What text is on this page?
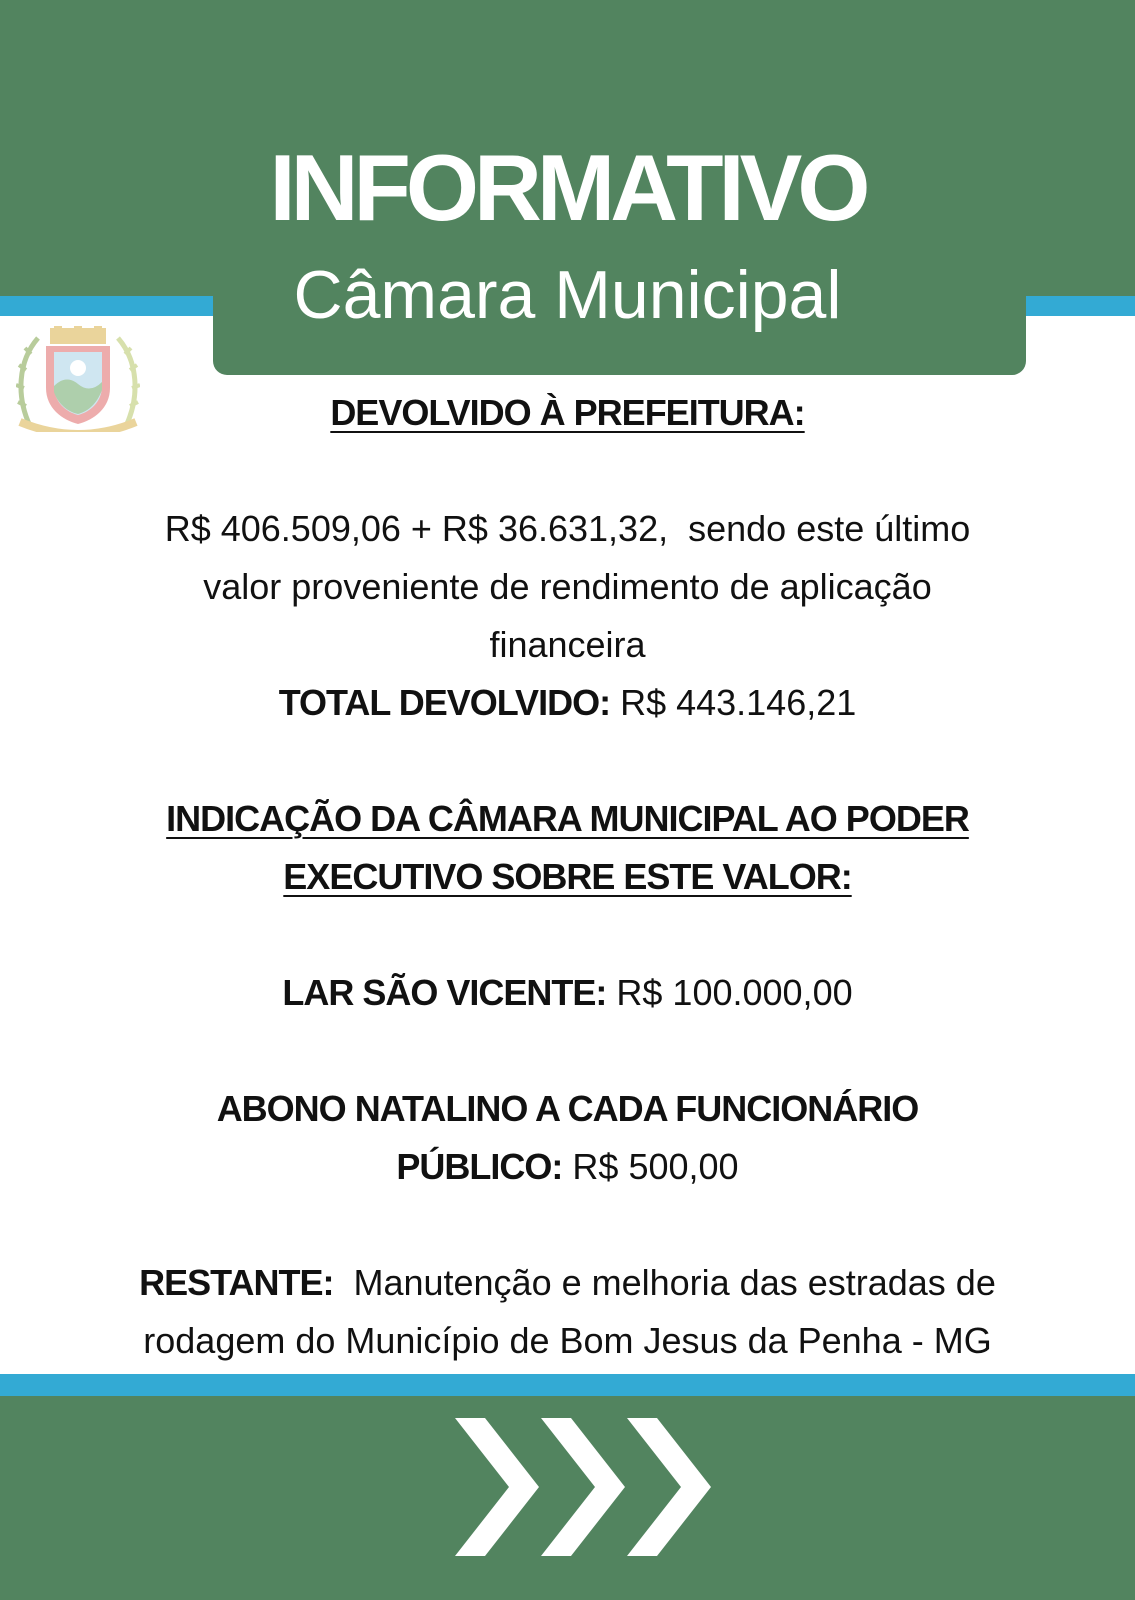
INFORMATIVO
Câmara Municipal

DEVOLVIDO À PREFEITURA:

R$ 406.509,06 + R$ 36.631,32,  sendo este último

valor proveniente de rendimento de aplicação

financeira

TOTAL DEVOLVIDO: R$ 443.146,21

INDICAÇÃO DA CÂMARA MUNICIPAL AO PODER

EXECUTIVO SOBRE ESTE VALOR:

LAR SÃO VICENTE: R$ 100.000,00

ABONO NATALINO A CADA FUNCIONÁRIO

PÚBLICO: R$ 500,00

RESTANTE:  Manutenção e melhoria das estradas de

rodagem do Município de Bom Jesus da Penha - MG
